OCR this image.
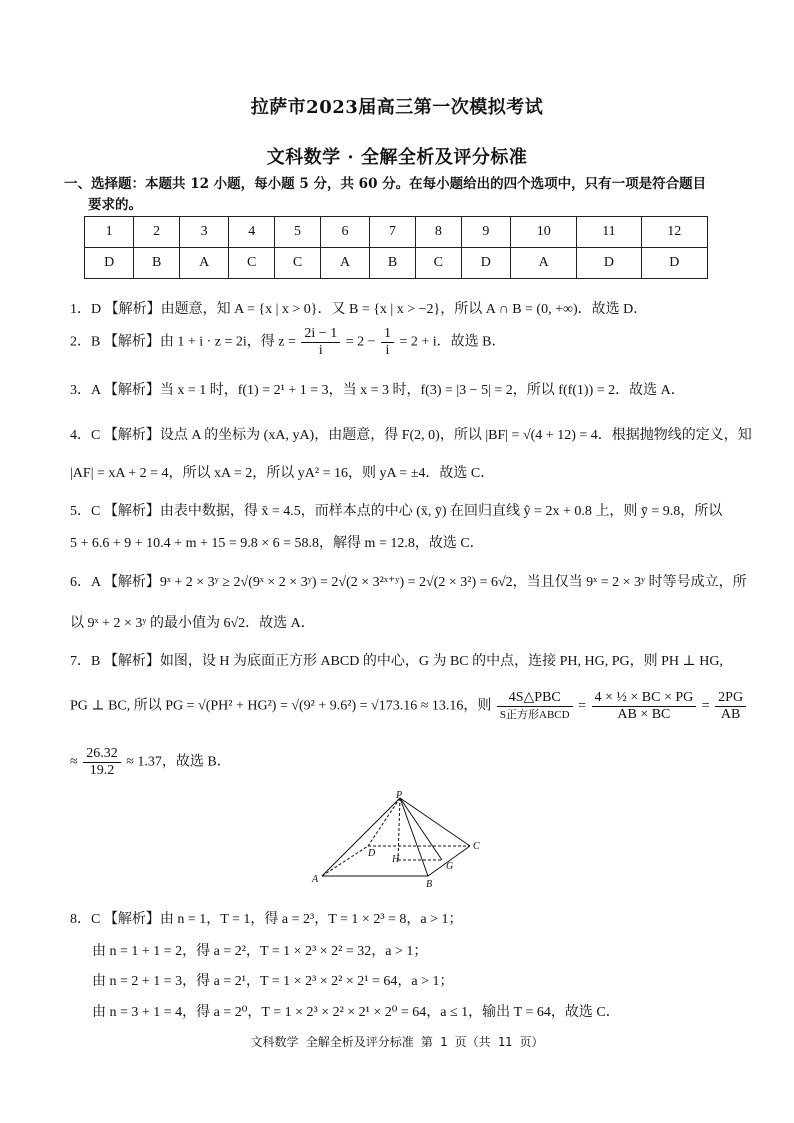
拉萨市2023届高三第一次模拟考试
文科数学 · 全解全析及评分标准
一、选择题：本题共 12 小题，每小题 5 分，共 60 分。在每小题给出的四个选项中，只有一项是符合题目
要求的。
1	2	3	4	5	6	7	8	9	10	11	12
D	B	A	C	C	A	B	C	D	A	D	D
1．D 【解析】由题意，知 A = {x | x > 0}．又 B = {x | x > −2}，所以 A ∩ B = (0, +∞)．故选 D．
2．B 【解析】由 1 + i · z = 2i，得 $z = \frac{2i - 1}{i} = 2 - \frac{1}{i} = 2 + i$．故选 B．
3．A 【解析】当 x = 1 时，f(1) = 2¹ + 1 = 3，当 x = 3 时，f(3) = |3 − 5| = 2，所以 f(f(1)) = 2．故选 A．
4．C 【解析】设点 A 的坐标为 (xA, yA)，由题意，得 F(2, 0)，所以 |BF| = √(4 + 12) = 4．根据抛物线的定义，知
|AF| = xA + 2 = 4，所以 xA = 2，所以 yA² = 16，则 yA = ±4．故选 C．
5．C 【解析】由表中数据，得 x̄ = 4.5，而样本点的中心 (x̄, ȳ) 在回归直线 ŷ = 2x + 0.8 上，则 ȳ = 9.8，所以
5 + 6.6 + 9 + 10.4 + m + 15 = 9.8 × 6 = 58.8，解得 m = 12.8，故选 C．
6．A 【解析】9ˣ + 2 × 3ʸ ≥ 2√(9ˣ × 2 × 3ʸ) = 2√(2 × 3²ˣ⁺ʸ) = 2√(2 × 3²) = 6√2，当且仅当 9ˣ = 2 × 3ʸ 时等号成立，所
以 9ˣ + 2 × 3ʸ 的最小值为 6√2．故选 A．
7．B 【解析】如图，设 H 为底面正方形 ABCD 的中心，G 为 BC 的中点，连接 PH, HG, PG，则 PH ⊥ HG,
PG ⊥ BC, 所以 PG = √(PH² + HG²) = √(9² + 9.6²) = √173.16 ≈ 13.16，则 $\frac{\text{4S△PBC}}{\text{S正方形ABCD}} = \frac{\text{4 × ½ × BC × PG}}{AB \times BC} = \frac{2PG}{AB}$
≈ $\frac{26.32}{19.2} \approx 1.37$，故选 B．
P
D
H
G
C
A	B
8．C 【解析】由 n = 1，T = 1，得 a = 2³，T = 1 × 2³ = 8，a > 1；
由 n = 1 + 1 = 2，得 a = 2²，T = 1 × 2³ × 2² = 32，a > 1；
由 n = 2 + 1 = 3，得 a = 2¹，T = 1 × 2³ × 2² × 2¹ = 64，a > 1；
由 n = 3 + 1 = 4，得 a = 2⁰，T = 1 × 2³ × 2² × 2¹ × 2⁰ = 64，a ≤ 1，输出 T = 64，故选 C．
文科数学 全解全析及评分标准 第 1 页（共 11 页）
